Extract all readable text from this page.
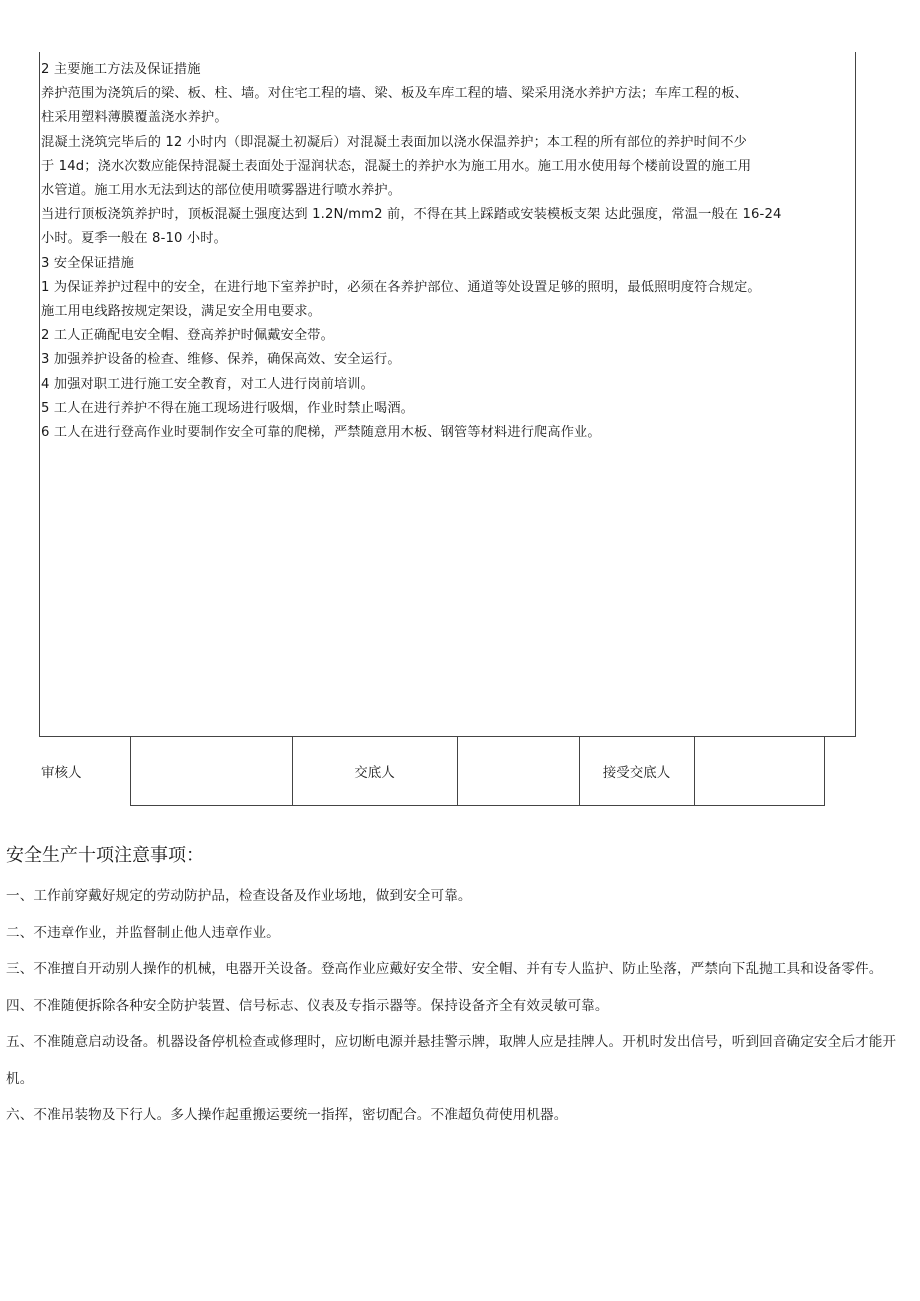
2 主要施工方法及保证措施

养护范围为浇筑后的梁、板、柱、墙。对住宅工程的墙、梁、板及车库工程的墙、梁采用浇水养护方法；车库工程的板、

柱采用塑料薄膜覆盖浇水养护。

混凝土浇筑完毕后的 12 小时内（即混凝土初凝后）对混凝土表面加以浇水保温养护；本工程的所有部位的养护时间不少

于 14d；浇水次数应能保持混凝土表面处于湿润状态，混凝土的养护水为施工用水。施工用水使用每个楼前设置的施工用

水管道。施工用水无法到达的部位使用喷雾器进行喷水养护。

当进行顶板浇筑养护时，顶板混凝土强度达到 1.2N∕mm2 前，不得在其上踩踏或安装模板支架 达此强度，常温一般在 16-24

小时。夏季一般在 8-10 小时。

3 安全保证措施

1 为保证养护过程中的安全，在进行地下室养护时，必须在各养护部位、通道等处设置足够的照明，最低照明度符合规定。

施工用电线路按规定架设，满足安全用电要求。

2 工人正确配电安全帽、登高养护时佩戴安全带。

3 加强养护设备的检查、维修、保养，确保高效、安全运行。

4 加强对职工进行施工安全教育，对工人进行岗前培训。

5 工人在进行养护不得在施工现场进行吸烟，作业时禁止喝酒。

6 工人在进行登高作业时要制作安全可靠的爬梯，严禁随意用木板、钢管等材料进行爬高作业。

审核人		交底人		接受交底人	
安全生产十项注意事项：

一、工作前穿戴好规定的劳动防护品，检查设备及作业场地，做到安全可靠。

二、不违章作业，并监督制止他人违章作业。

三、不准擅自开动别人操作的机械，电器开关设备。登高作业应戴好安全带、安全帽、并有专人监护、防止坠落，严禁向下乱抛工具和设备零件。

四、不准随便拆除各种安全防护装置、信号标志、仪表及专指示器等。保持设备齐全有效灵敏可靠。

五、不准随意启动设备。机器设备停机检查或修理时，应切断电源并悬挂警示牌，取牌人应是挂牌人。开机时发出信号，听到回音确定安全后才能开机。

六、不准吊装物及下行人。多人操作起重搬运要统一指挥，密切配合。不准超负荷使用机器。
